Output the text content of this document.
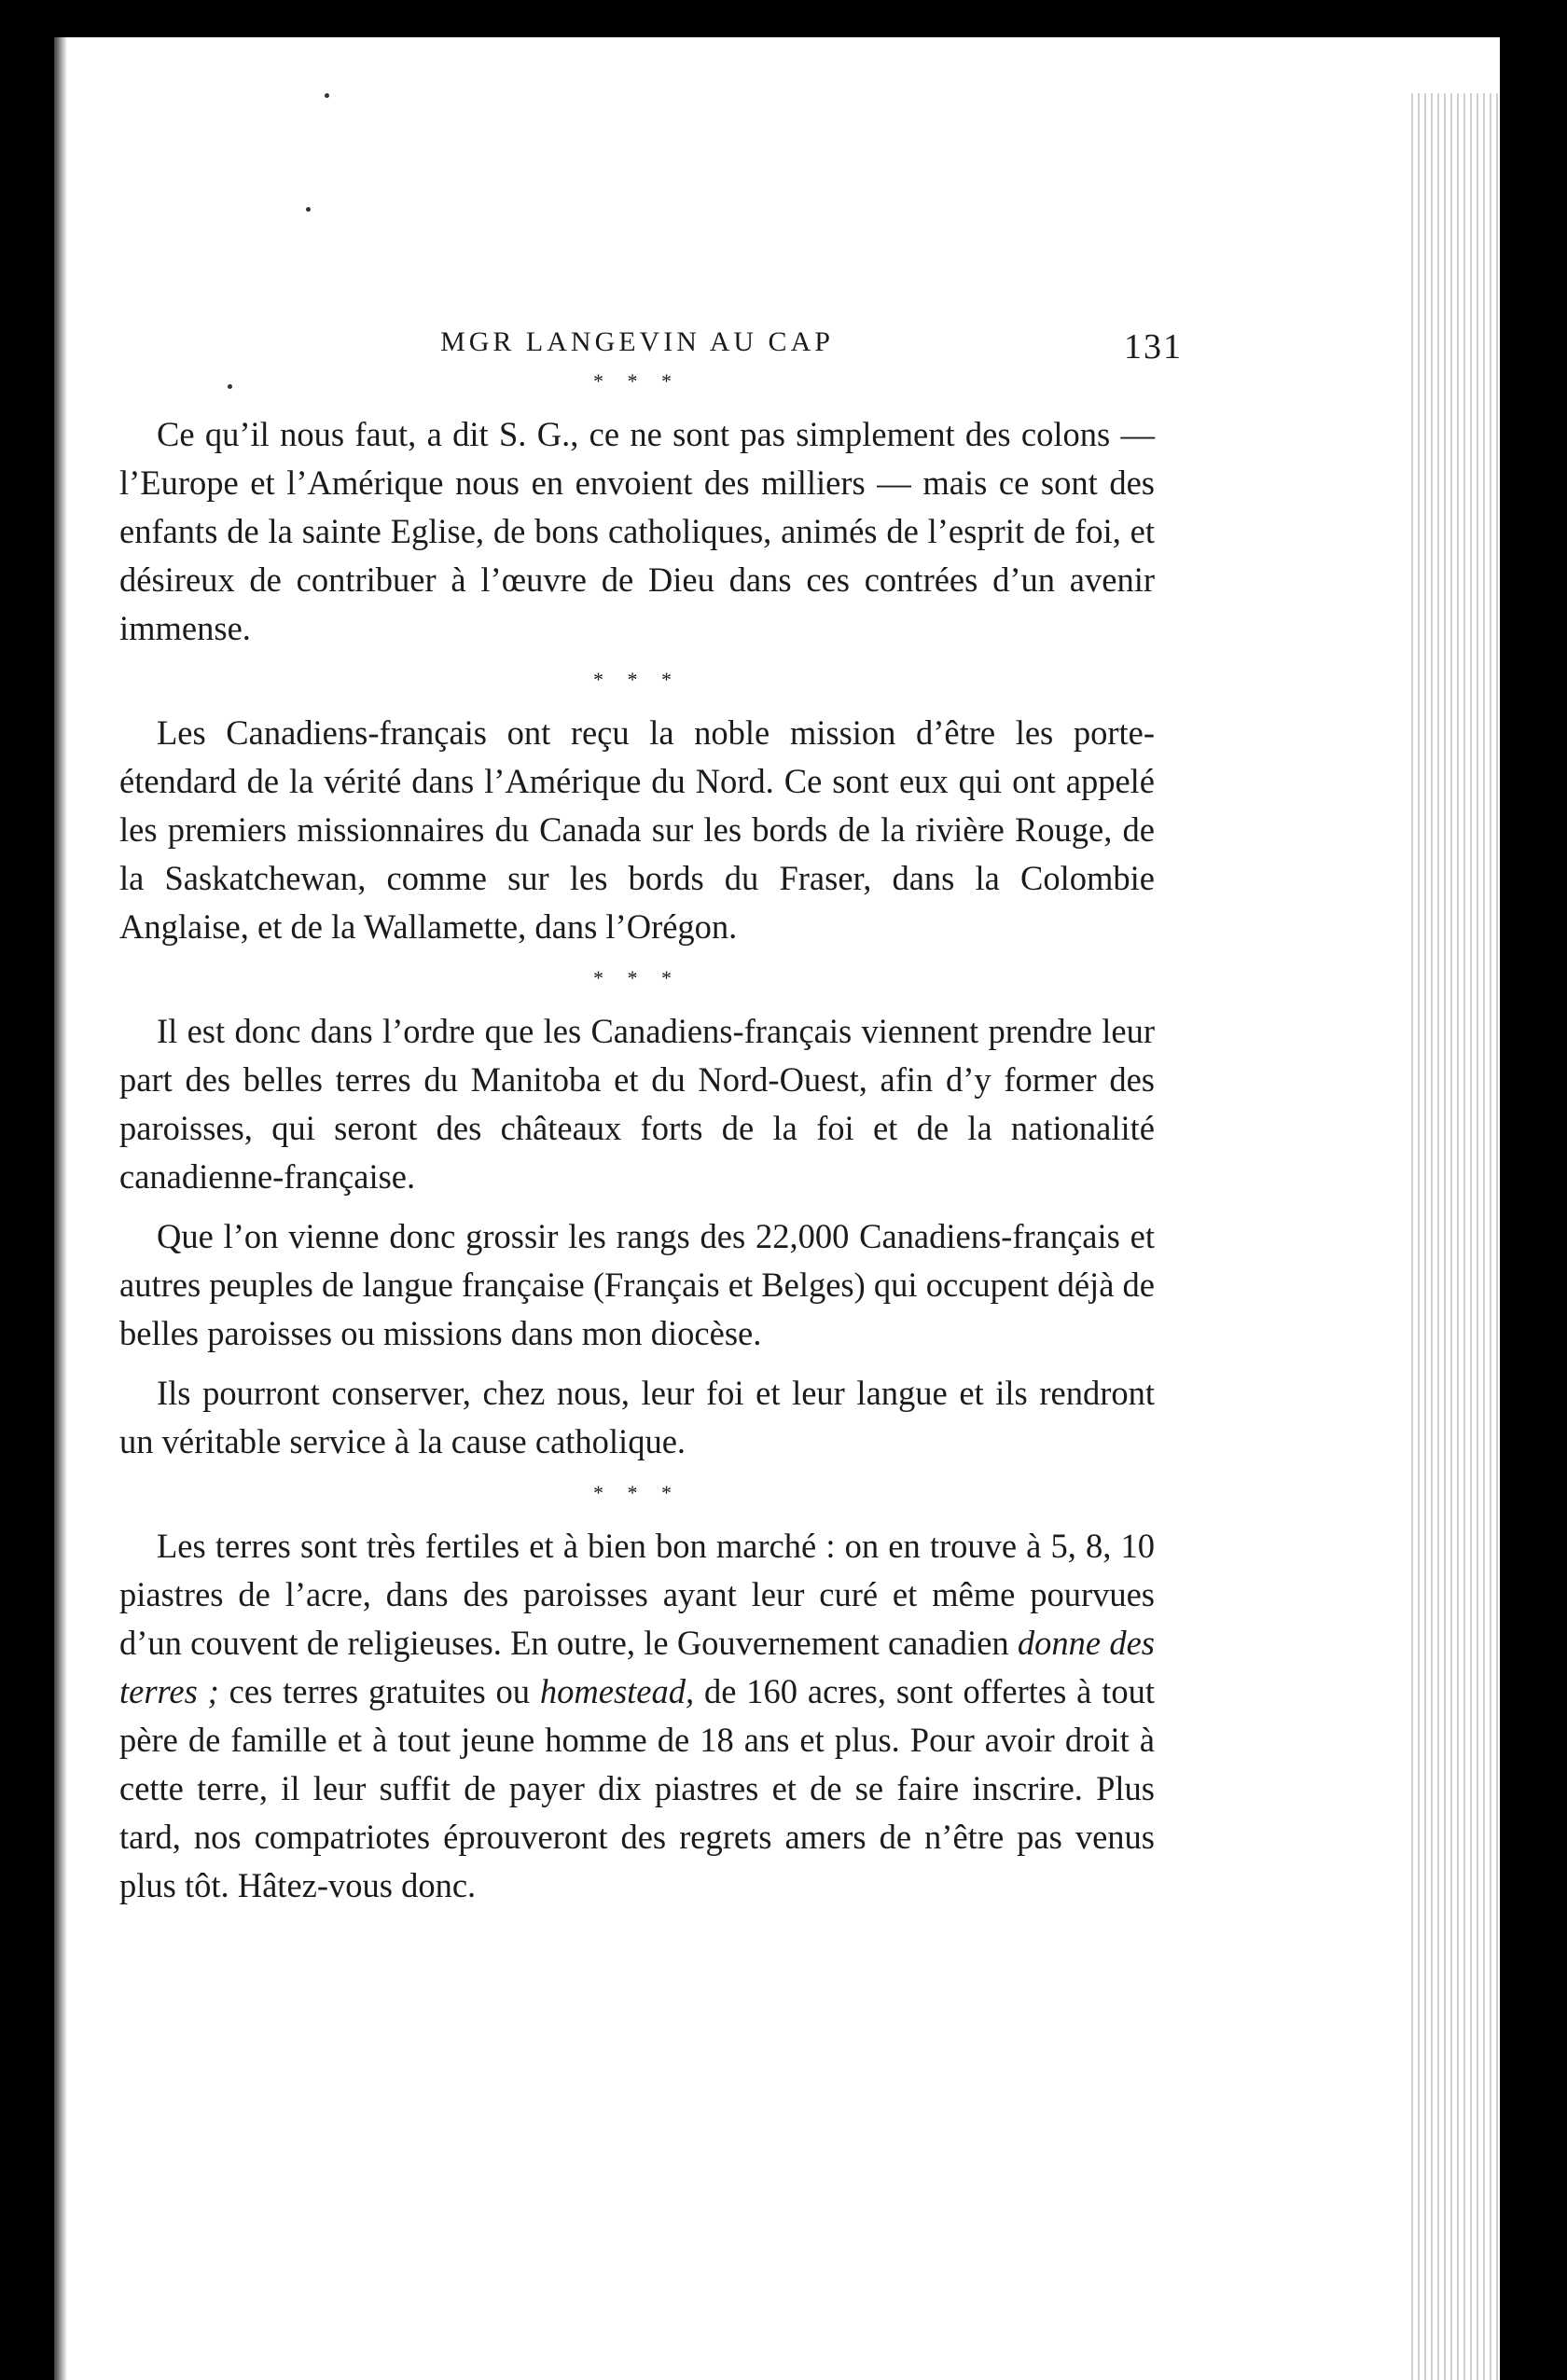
MGR LANGEVIN AU CAP	131
* * *

Ce qu’il nous faut, a dit S. G., ce ne sont pas simplement des colons — l’Europe et l’Amérique nous en envoient des milliers — mais ce sont des enfants de la sainte Eglise, de bons catholiques, animés de l’esprit de foi, et désireux de contribuer à l’œuvre de Dieu dans ces contrées d’un avenir immense.

* * *

Les Canadiens-français ont reçu la noble mission d’être les porte-étendard de la vérité dans l’Amérique du Nord. Ce sont eux qui ont appelé les premiers missionnaires du Canada sur les bords de la rivière Rouge, de la Saskatchewan, comme sur les bords du Fraser, dans la Colombie Anglaise, et de la Wallamette, dans l’Orégon.

* * *

Il est donc dans l’ordre que les Canadiens-français viennent prendre leur part des belles terres du Manitoba et du Nord-Ouest, afin d’y former des paroisses, qui seront des châteaux forts de la foi et de la nationalité canadienne-française.

Que l’on vienne donc grossir les rangs des 22,000 Canadiens-français et autres peuples de langue française (Français et Belges) qui occupent déjà de belles paroisses ou missions dans mon diocèse.

Ils pourront conserver, chez nous, leur foi et leur langue et ils rendront un véritable service à la cause catholique.

* * *

Les terres sont très fertiles et à bien bon marché : on en trouve à 5, 8, 10 piastres de l’acre, dans des paroisses ayant leur curé et même pourvues d’un couvent de religieuses. En outre, le Gouvernement canadien donne des terres ; ces terres gratuites ou homestead, de 160 acres, sont offertes à tout père de famille et à tout jeune homme de 18 ans et plus. Pour avoir droit à cette terre, il leur suffit de payer dix piastres et de se faire inscrire. Plus tard, nos compatriotes éprouveront des regrets amers de n’être pas venus plus tôt. Hâtez-vous donc.
